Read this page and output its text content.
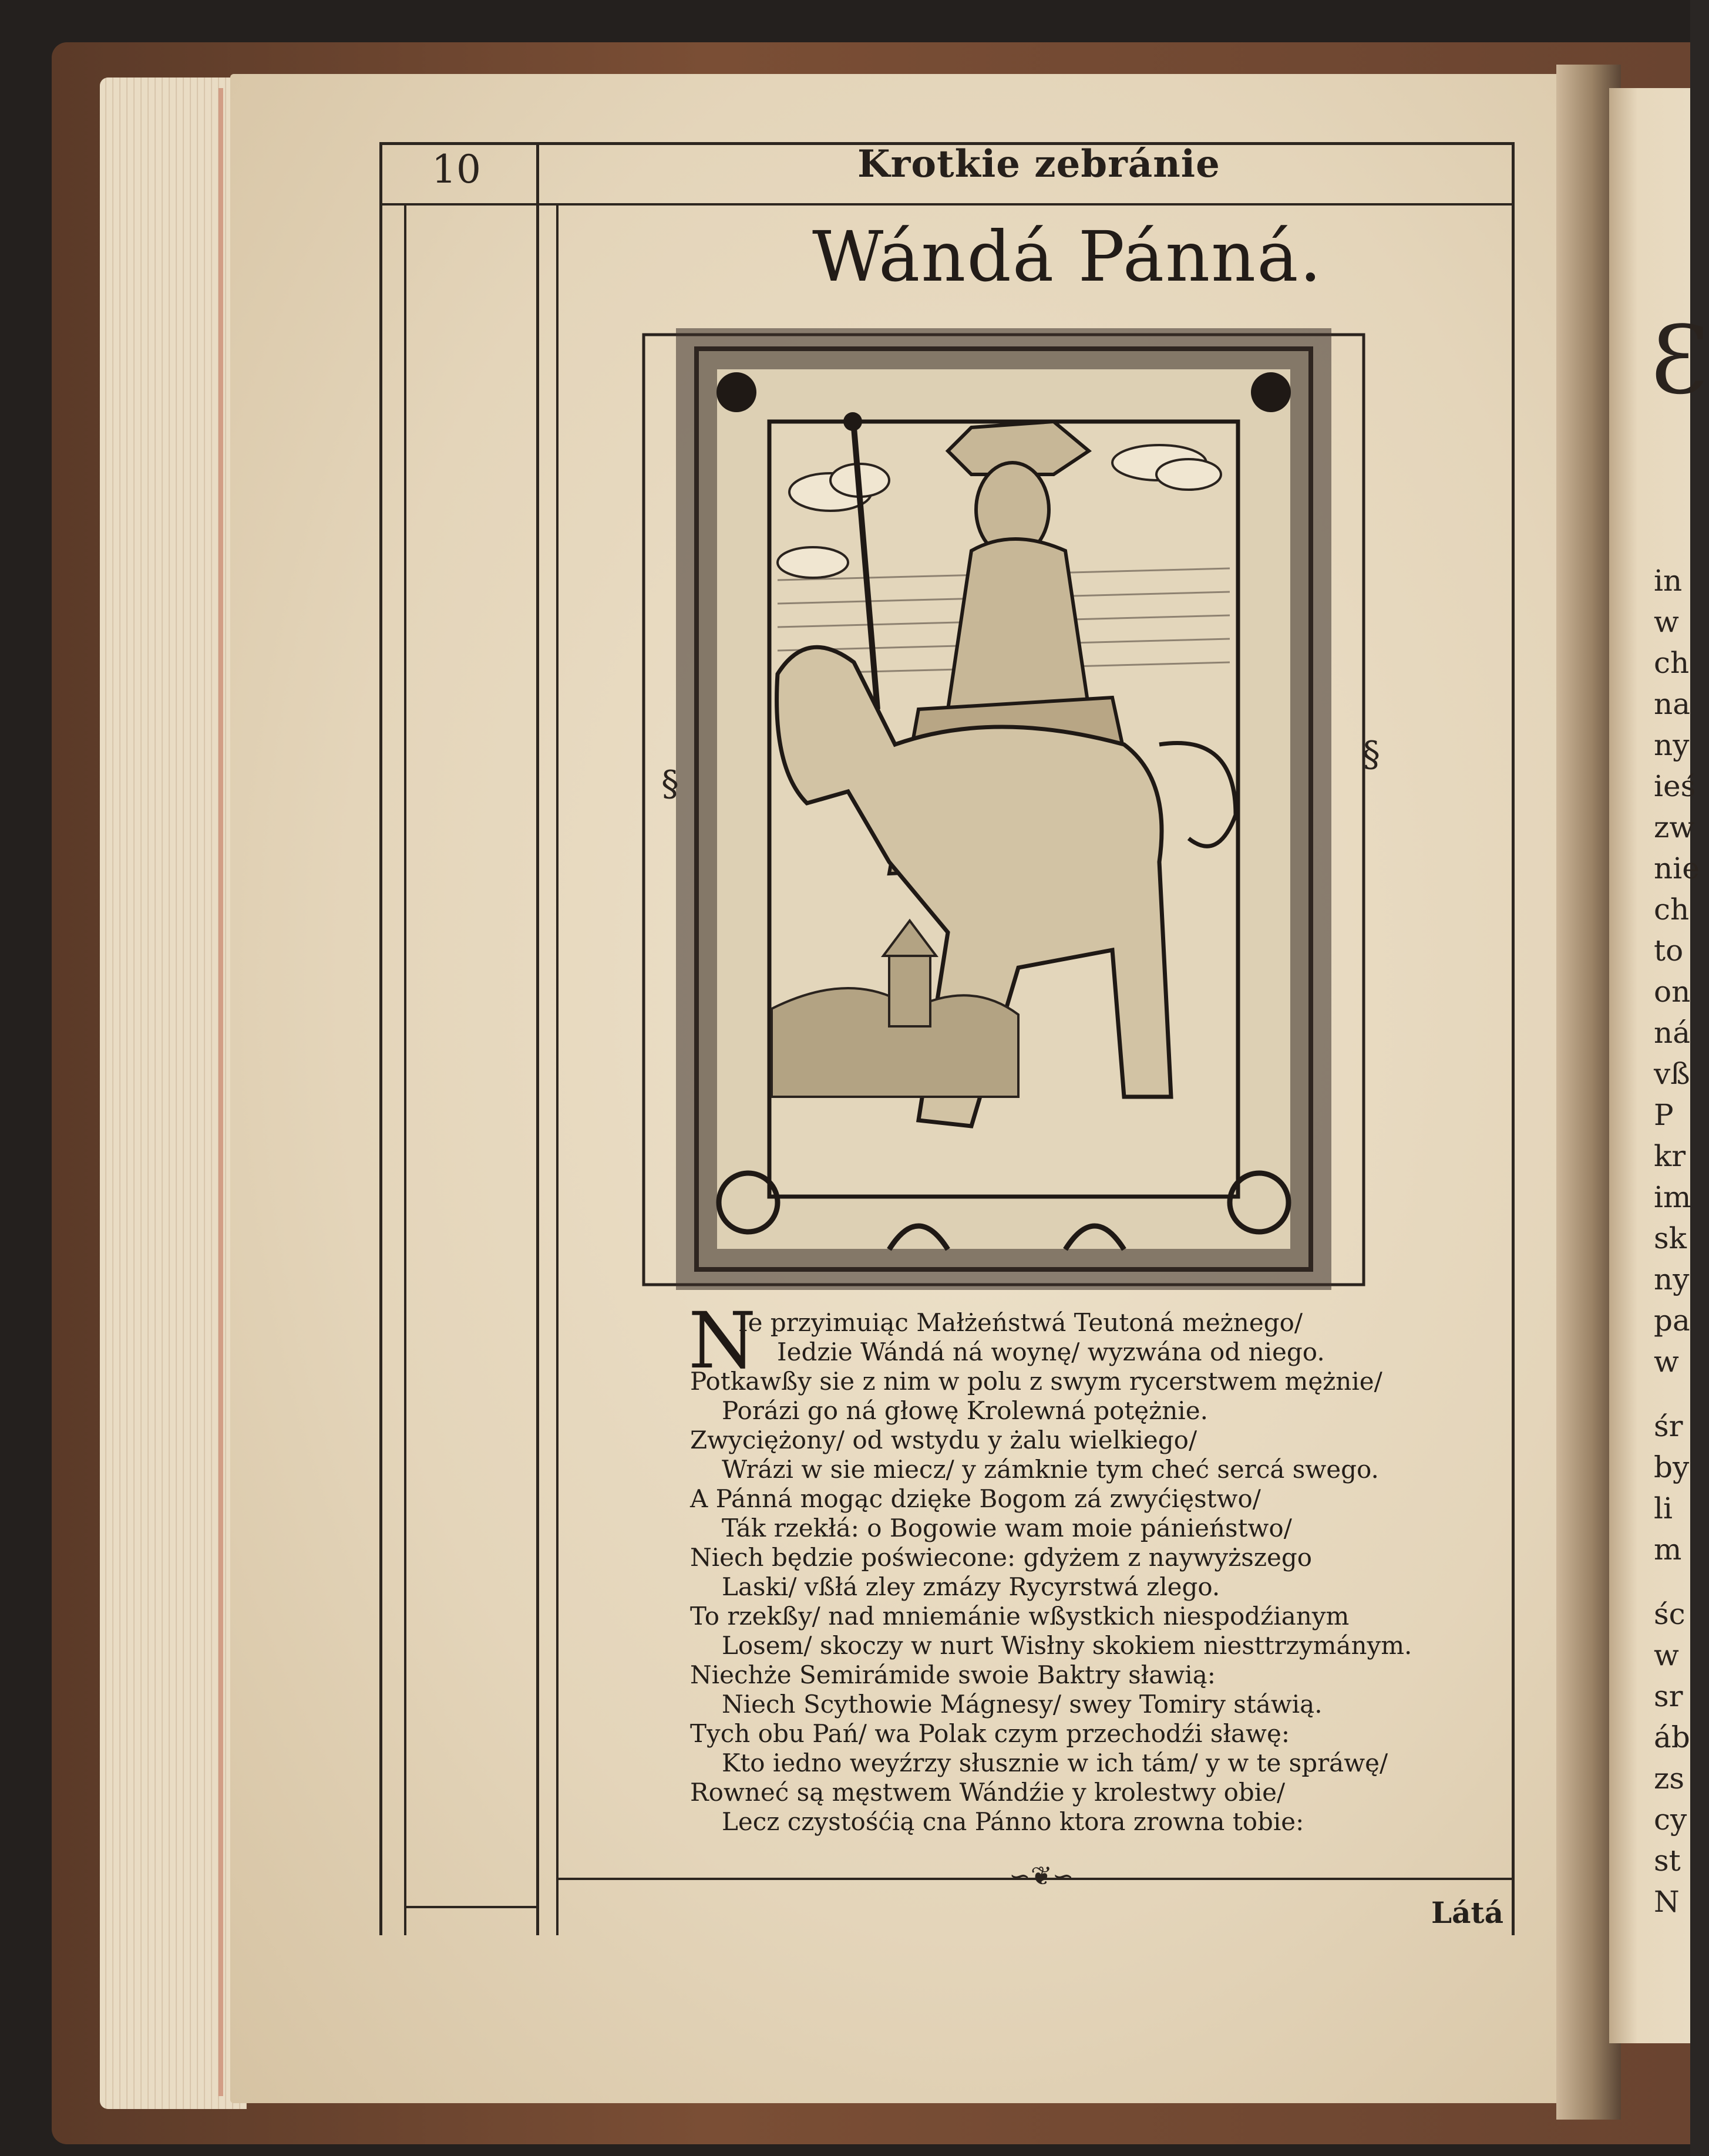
10	Krotkie zebránie
Wándá Pánná.
§
§
N
Ie przyimuiąc Małżeństwá Teutoná meżnego/
Iedzie Wándá ná woynę/ wyzwána od niego.
Potkawßy sie z nim w polu z swym rycerstwem mężnie/
Porázi go ná głowę Krolewná potężnie.
Zwyciężony/ od wstydu y żalu wielkiego/
Wrázi w sie miecz/ y zámknie tym cheć sercá swego.
A Pánná mogąc dzięke Bogom zá zwyćięstwo/
Ták rzekłá: o Bogowie wam moie pánieństwo/
Niech będzie poświecone: gdyżem z naywyższego
Laski/ vßłá zley zmázy Rycyrstwá zlego.
To rzekßy/ nad mniemánie wßystkich niespodźianym
Losem/ skoczy w nurt Wisłny skokiem niesttrzymánym.
Niechże Semirámide swoie Baktry sławią:
Niech Scythowie Mágnesy/ swey Tomiry stáwią.
Tych obu Pań/ wa Polak czym przechodźi sławę:
Kto iedno weyźrzy słusznie w ich tám/ y w te spráwę/
Rowneć są męstwem Wándźie y krolestwy obie/
Lecz czystośćią cna Pánno ktora zrowna tobie:
∽❦∽
Látá
Ɛ
in
w
ch
na
ny
ieś
zw
nie
ch
to
on
ná
vß
P
kr
im
sk
ny
pa
w
śr
by
li
m
śc
w
sr
áb
zs
cy
st
N
